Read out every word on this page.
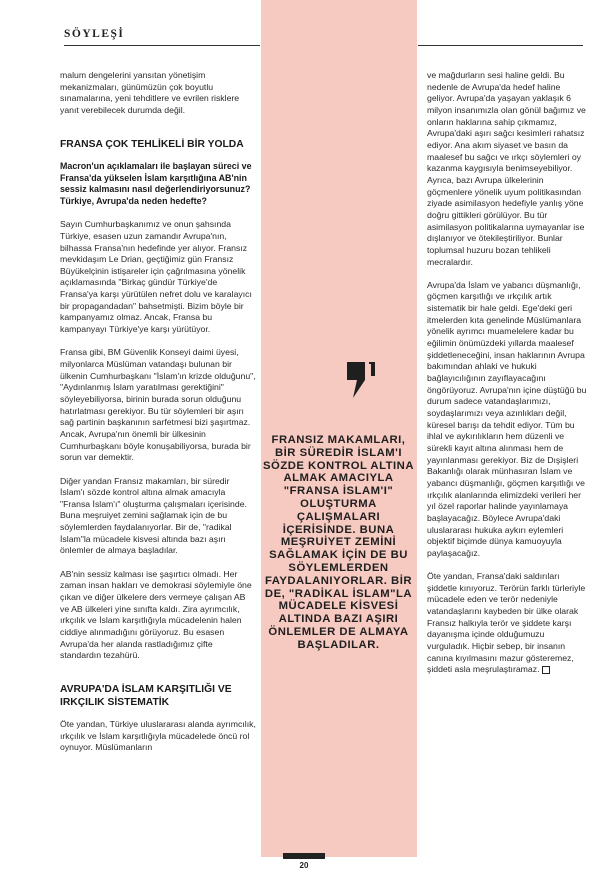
SÖYLEŞİ

malum dengelerini yansıtan yönetişim mekanizmaları, günümüzün çok boyutlu sınamalarına, yeni tehditlere ve evrilen risklere yanıt verebilecek durumda değil.

FRANSA ÇOK TEHLİKELİ BİR YOLDA

Macron'un açıklamaları ile başlayan süreci ve Fransa'da yükselen İslam karşıtlığına AB'nin sessiz kalmasını nasıl değerlendiriyorsunuz? Türkiye, Avrupa'da neden hedefte?

Sayın Cumhurbaşkanımız ve onun şahsında Türkiye, esasen uzun zamandır Avrupa'nın, bilhassa Fransa'nın hedefinde yer alıyor. Fransız mevkidaşım Le Drian, geçtiğimiz gün Fransız Büyükelçinin istişareler için çağrılmasına yönelik açıklamasında "Birkaç gündür Türkiye'de Fransa'ya karşı yürütülen nefret dolu ve karalayıcı bir propagandadan" bahsetmişti. Bizim böyle bir kampanyamız olmaz. Ancak, Fransa bu kampanyayı Türkiye'ye karşı yürütüyor.

Fransa gibi, BM Güvenlik Konseyi daimi üyesi, milyonlarca Müslüman vatandaşı bulunan bir ülkenin Cumhurbaşkanı "İslam'ın krizde olduğunu", "Aydınlanmış İslam yaratılması gerektiğini" söyleyebiliyorsa, birinin burada sorun olduğunu hatırlatması gerekiyor. Bu tür söylemleri bir aşırı sağ partinin başkanının sarfetmesi bizi şaşırtmaz. Ancak, Avrupa'nın önemli bir ülkesinin Cumhurbaşkanı böyle konuşabiliyorsa, burada bir sorun var demektir.

Diğer yandan Fransız makamları, bir süredir İslam'ı sözde kontrol altına almak amacıyla "Fransa İslam'ı" oluşturma çalışmaları içerisinde. Buna meşruiyet zemini sağlamak için de bu söylemlerden faydalanıyorlar. Bir de, "radikal İslam"la mücadele kisvesi altında bazı aşırı önlemler de almaya başladılar.

AB'nin sessiz kalması ise şaşırtıcı olmadı. Her zaman insan hakları ve demokrasi söylemiyle öne çıkan ve diğer ülkelere ders vermeye çalışan AB ve AB ülkeleri yine sınıfta kaldı. Zira ayrımcılık, ırkçılık ve İslam karşıtlığıyla mücadelenin halen ciddiye alınmadığını görüyoruz. Bu esasen Avrupa'da her alanda rastladığımız çifte standardın tezahürü.

AVRUPA'DA İSLAM KARŞITLIĞI VE IRKÇILIK SİSTEMATİK

Öte yandan, Türkiye uluslararası alanda ayrımcılık, ırkçılık ve İslam karşıtlığıyla mücadelede öncü rol oynuyor. Müslümanların

FRANSIZ MAKAMLARI, BİR SÜREDİR İSLAM'I SÖZDE KONTROL ALTINA ALMAK AMACIYLA "FRANSA İSLAM'I" OLUŞTURMA ÇALIŞMALARI İÇERİSİNDE. BUNA MEŞRUİYET ZEMİNİ SAĞLAMAK İÇİN DE BU SÖYLEMLERDEN FAYDALANIYORLAR. BİR DE, "RADİKAL İSLAM"LA MÜCADELE KİSVESİ ALTINDA BAZI AŞIRI ÖNLEMLER DE ALMAYA BAŞLADILAR.

ve mağdurların sesi haline geldi. Bu nedenle de Avrupa'da hedef haline geliyor. Avrupa'da yaşayan yaklaşık 6 milyon insanımızla olan gönül bağımız ve onların haklarına sahip çıkmamız, Avrupa'daki aşırı sağcı kesimleri rahatsız ediyor. Ana akım siyaset ve basın da maalesef bu sağcı ve ırkçı söylemleri oy kazanma kaygısıyla benimseyebiliyor. Ayrıca, bazı Avrupa ülkelerinin göçmenlere yönelik uyum politikasından ziyade asimilasyon hedefiyle yanlış yöne doğru gittikleri görülüyor. Bu tür asimilasyon politikalarına uymayanlar ise dışlanıyor ve ötekileştiriliyor. Bunlar toplumsal huzuru bozan tehlikeli mecralardır.

Avrupa'da İslam ve yabancı düşmanlığı, göçmen karşıtlığı ve ırkçılık artık sistematik bir hale geldi. Ege'deki geri itmelerden kıta genelinde Müslümanlara yönelik ayrımcı muamelelere kadar bu eğilimin önümüzdeki yıllarda maalesef şiddetleneceğini, insan haklarının Avrupa bakımından ahlaki ve hukuki bağlayıcılığının zayıflayacağını öngörüyoruz. Avrupa'nın içine düştüğü bu durum sadece vatandaşlarımızı, soydaşlarımızı veya azınlıkları değil, küresel barışı da tehdit ediyor. Tüm bu ihlal ve aykırılıkların hem düzenli ve sürekli kayıt altına alınması hem de yayınlanması gerekiyor. Biz de Dışişleri Bakanlığı olarak münhasıran İslam ve yabancı düşmanlığı, göçmen karşıtlığı ve ırkçılık alanlarında elimizdeki verileri her yıl özel raporlar halinde yayınlamaya başlayacağız. Böylece Avrupa'daki uluslararası hukuka aykırı eylemleri objektif biçimde dünya kamuoyuyla paylaşacağız.

Öte yandan, Fransa'daki saldırıları şiddetle kınıyoruz. Terörün farklı türleriyle mücadele eden ve terör nedeniyle vatandaşlarını kaybeden bir ülke olarak Fransız halkıyla terör ve şiddete karşı dayanışma içinde olduğumuzu vurguladık. Hiçbir sebep, bir insanın canına kıyılmasını mazur gösteremez, şiddeti asla meşrulaştıramaz.

20
